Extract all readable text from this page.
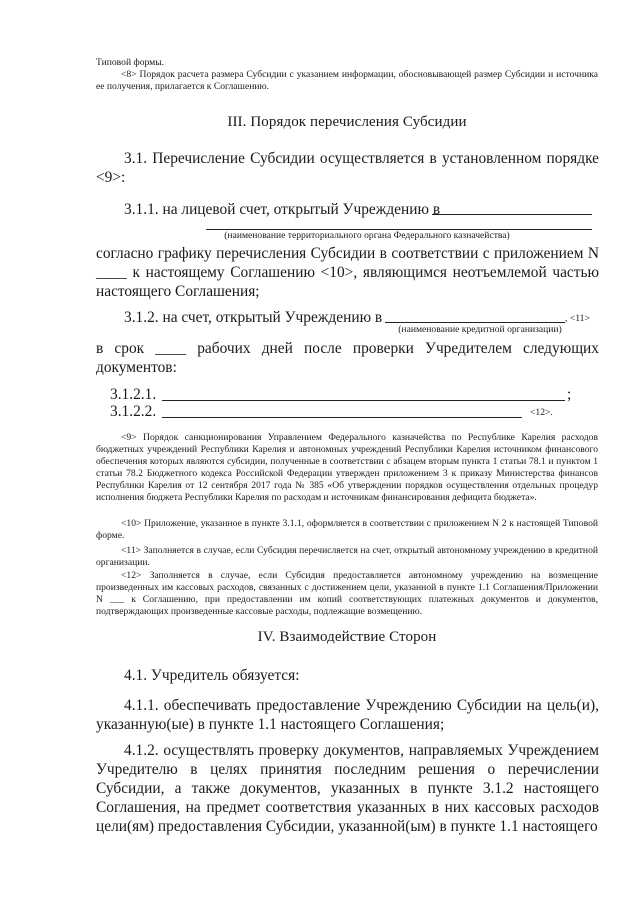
Типовой формы.
<8> Порядок расчета размера Субсидии с указанием информации, обосновывающей размер Субсидии и источника ее получения, прилагается к Соглашению.
III. Порядок перечисления Субсидии
3.1. Перечисление Субсидии осуществляется в установленном порядке <9>:
3.1.1. на лицевой счет, открытый Учреждению в
(наименование территориального органа Федерального казначейства)
согласно графику перечисления Субсидии в соответствии с приложением N ____ к настоящему Соглашению <10>, являющимся неотъемлемой частью настоящего Соглашения;
3.1.2. на счет, открытый Учреждению в	, <11>
(наименование кредитной организации)
в срок ____ рабочих дней после проверки Учредителем следующих документов:
3.1.2.1.	;
3.1.2.2.	<12>.
<9> Порядок санкционирования Управлением Федерального казначейства по Республике Карелия расходов бюджетных учреждений Республики Карелия и автономных учреждений Республики Карелия источником финансового обеспечения которых являются субсидии, полученные в соответствии с абзацем вторым пункта 1 статьи 78.1 и пунктом 1 статьи 78.2 Бюджетного кодекса Российской Федерации утвержден приложением 3 к приказу Министерства финансов Республики Карелия от 12 сентября 2017 года № 385 «Об утверждении порядков осуществления отдельных процедур исполнения бюджета Республики Карелия по расходам и источникам финансирования дефицита бюджета».
<10> Приложение, указанное в пункте 3.1.1, оформляется в соответствии с приложением N 2 к настоящей Типовой форме.
<11> Заполняется в случае, если Субсидия перечисляется на счет, открытый автономному учреждению в кредитной организации.
<12> Заполняется в случае, если Субсидия предоставляется автономному учреждению на возмещение произведенных им кассовых расходов, связанных с достижением цели, указанной в пункте 1.1 Соглашения/Приложении N ___ к Соглашению, при предоставлении им копий соответствующих платежных документов и документов, подтверждающих произведенные кассовые расходы, подлежащие возмещению.
IV. Взаимодействие Сторон
4.1. Учредитель обязуется:
4.1.1. обеспечивать предоставление Учреждению Субсидии на цель(и), указанную(ые) в пункте 1.1 настоящего Соглашения;
4.1.2. осуществлять проверку документов, направляемых Учреждением Учредителю в целях принятия последним решения о перечислении Субсидии, а также документов, указанных в пункте 3.1.2 настоящего Соглашения, на предмет соответствия указанных в них кассовых расходов цели(ям) предоставления Субсидии, указанной(ым) в пункте 1.1 настоящего
